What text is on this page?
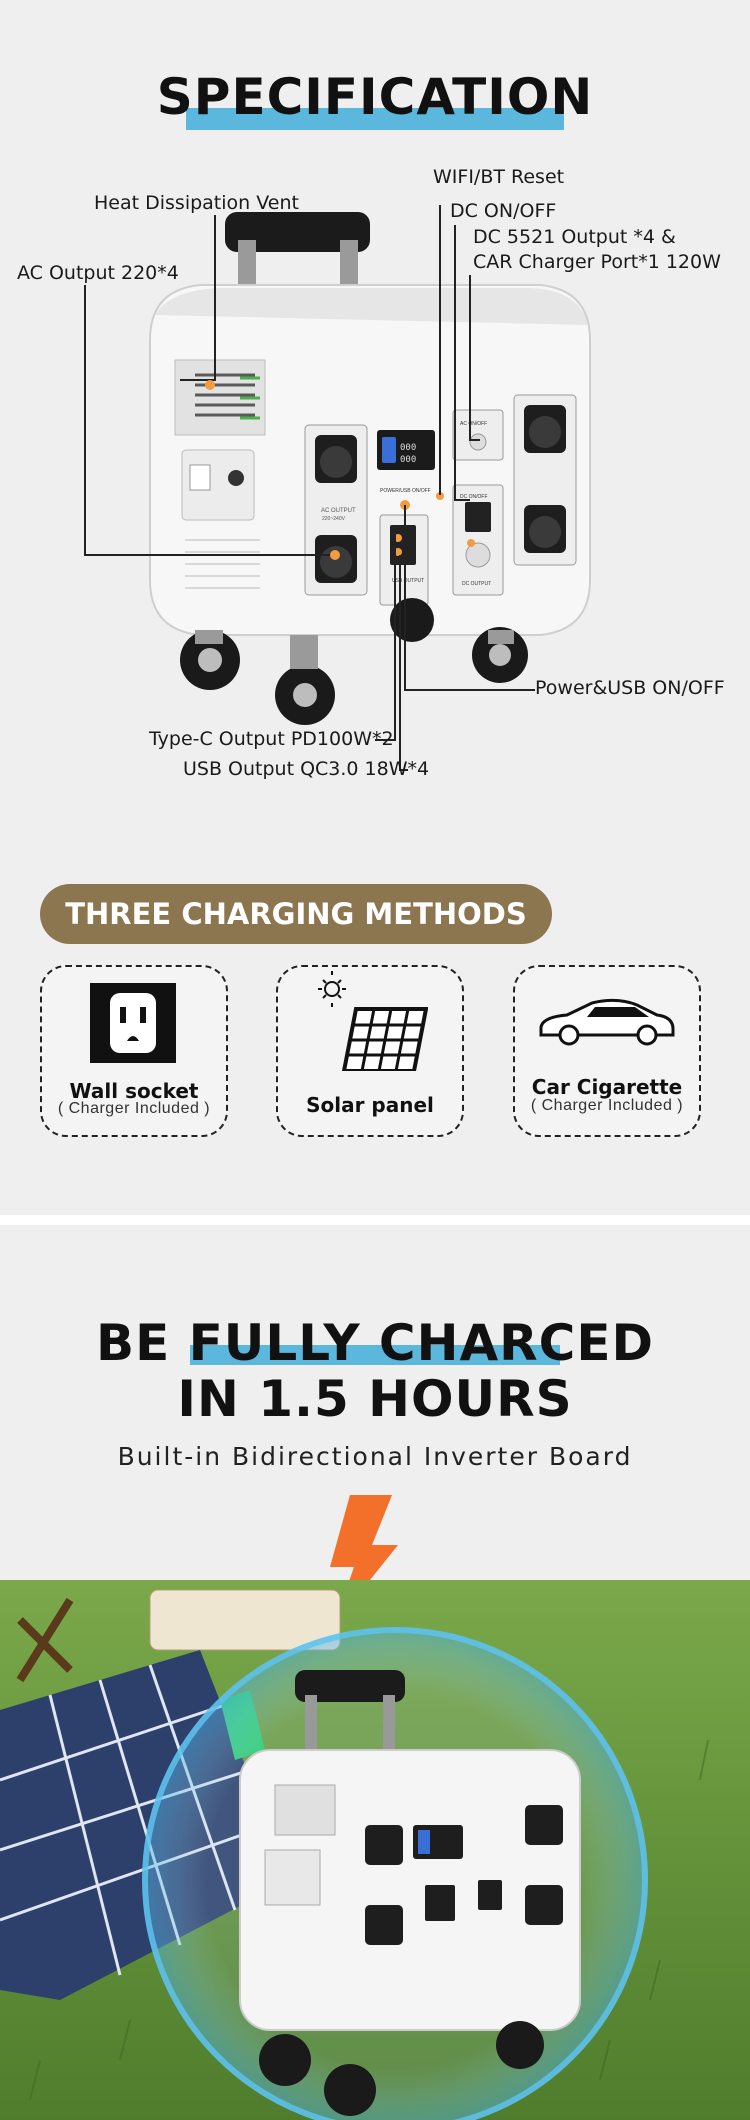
SPECIFICATION
AC OUTPUT
220~240V
000
000
POWER/USB ON/OFF
USB OUTPUT
AC ON/OFF
DC ON/OFF
DC OUTPUT
Heat Dissipation Vent
AC Output 220*4
WIFI/BT Reset
DC ON/OFF
DC 5521 Output *4 &
CAR Charger Port*1 120W
Power&USB ON/OFF
Type-C Output PD100W*2
USB Output QC3.0 18W*4
THREE CHARGING METHODS
Wall socket
( Charger Included )	Solar panel
Car Cigarette
( Charger Included )
BE FULLY CHARCED
IN 1.5 HOURS
Built-in Bidirectional Inverter Board
